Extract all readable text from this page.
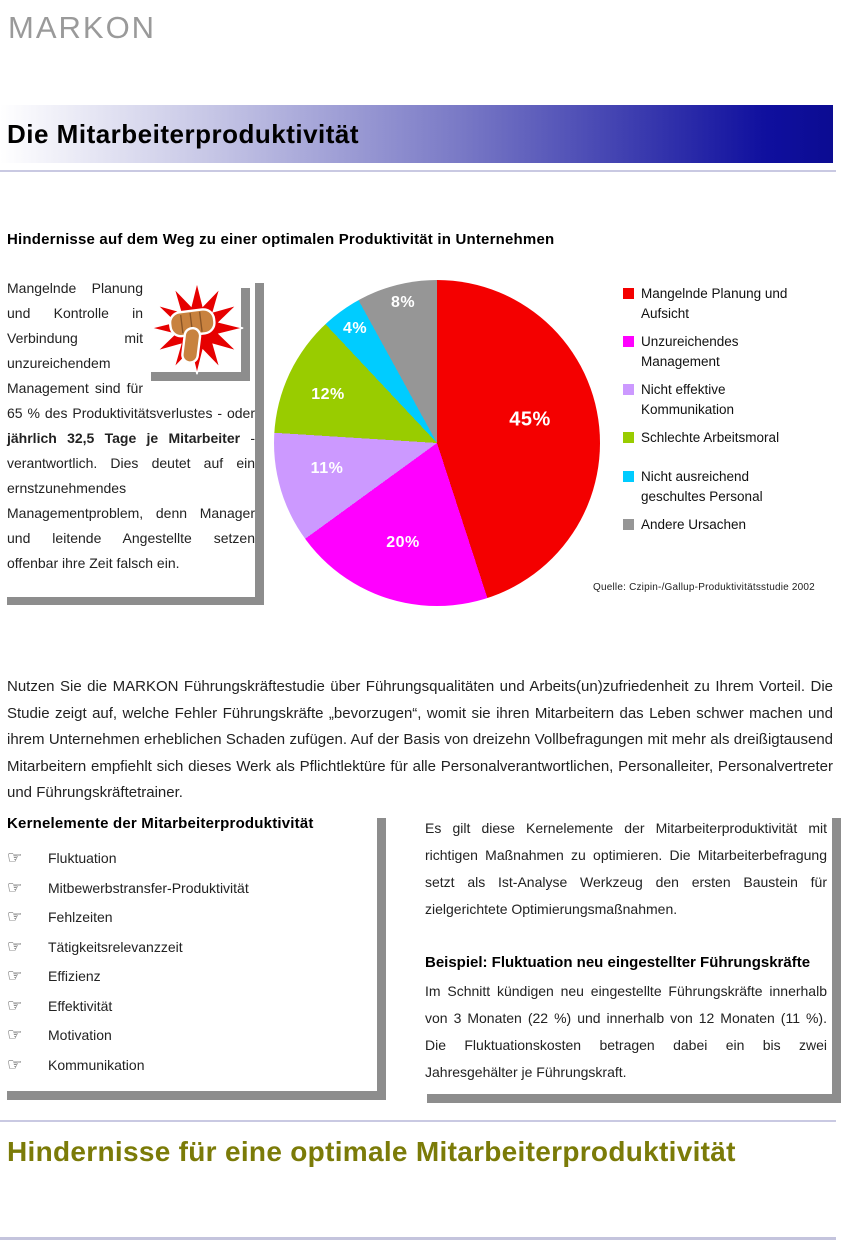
MARKON
Die Mitarbeiterproduktivität
Hindernisse auf dem Weg zu einer optimalen Produktivität in Unternehmen
Mangelnde Planung und Kontrolle in Verbindung mit unzureichendem Management sind für 65 % des Produktivitätsverlustes - oder jährlich 32,5 Tage je Mitarbeiter - verantwortlich. Dies deutet auf ein ernstzunehmendes Managementproblem, denn Manager und leitende Angestellte setzen offenbar ihre Zeit falsch ein.
45%
20%
11%
12%
4%
8%
Mangelnde Planung und Aufsicht
Unzureichendes Management
Nicht effektive Kommunikation
Schlechte Arbeitsmoral
Nicht ausreichend geschultes Personal
Andere Ursachen
Quelle: Czipin-/Gallup-Produktivitätsstudie 2002

Nutzen Sie die MARKON Führungskräftestudie über Führungsqualitäten und Arbeits(un)zufriedenheit zu Ihrem Vorteil. Die Studie zeigt auf, welche Fehler Führungskräfte „bevorzugen“, womit sie ihren Mitarbeitern das Leben schwer machen und ihrem Unternehmen erheblichen Schaden zufügen. Auf der Basis von dreizehn Vollbefragungen mit mehr als dreißigtausend Mitarbeitern empfiehlt sich dieses Werk als Pflichtlektüre für alle Personalverantwortlichen, Personalleiter, Personalvertreter und Führungskräftetrainer.

Kernelemente der Mitarbeiterproduktivität
☞	Fluktuation
☞	Mitbewerbstransfer-Produktivität
☞	Fehlzeiten
☞	Tätigkeitsrelevanzzeit
☞	Effizienz
☞	Effektivität
☞	Motivation
☞	Kommunikation

Es gilt diese Kernelemente der Mitarbeiterproduktivität mit richtigen Maßnahmen zu optimieren. Die Mitarbeiterbefragung setzt als Ist-Analyse Werkzeug den ersten Baustein für zielgerichtete Optimierungsmaßnahmen.

Beispiel: Fluktuation neu eingestellter Führungskräfte

Im Schnitt kündigen neu eingestellte Führungskräfte innerhalb von 3 Monaten (22 %) und innerhalb von 12 Monaten (11 %). Die Fluktuationskosten betragen dabei ein bis zwei Jahresgehälter je Führungskraft.

Hindernisse für eine optimale Mitarbeiterproduktivität
